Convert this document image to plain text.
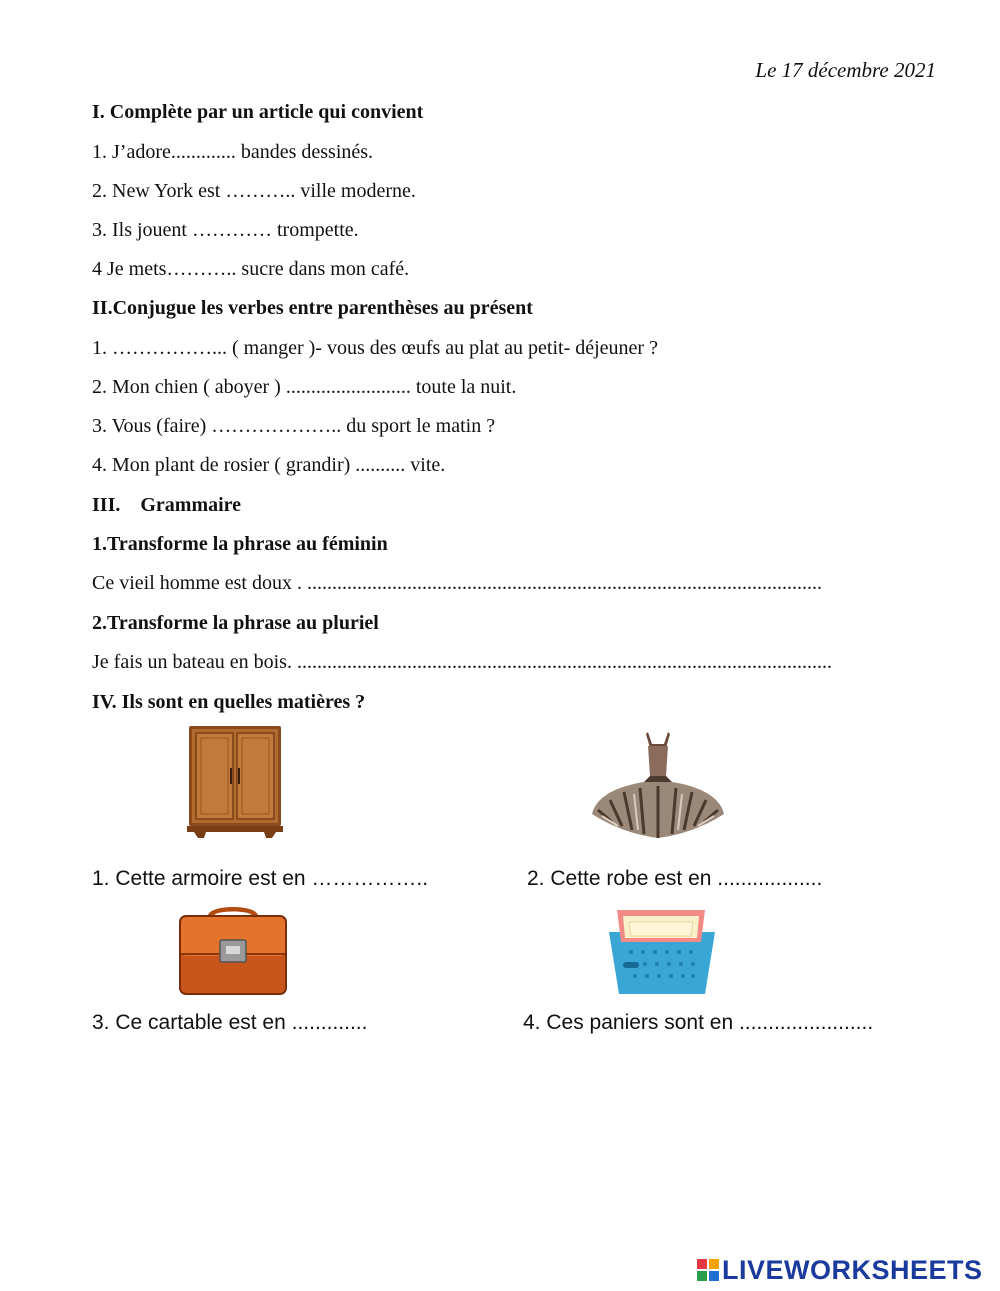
Le 17 décembre 2021
I. Complète par un article qui convient
1. J’adore............. bandes dessinés.
2. New York est ……….. ville moderne.
3. Ils jouent ………… trompette.
4 Je mets……….. sucre dans mon café.
II.Conjugue les verbes entre parenthèses au présent
1. ……………... ( manger )- vous des œufs au plat au petit- déjeuner ?
2. Mon chien ( aboyer ) ......................... toute la nuit.
3. Vous (faire) ……………….. du sport le matin ?
4. Mon plant de rosier ( grandir) .......... vite.
III.    Grammaire
1.Transforme la phrase au féminin
Ce vieil homme est doux . .......................................................................................................
2.Transforme la phrase au pluriel
Je fais un bateau en bois. ...........................................................................................................
IV. Ils sont en quelles matières ?
1. Cette armoire est en ……………..	2. Cette robe est en ..................
3. Ce cartable est en .............	4. Ces paniers sont en .......................
LIVEWORKSHEETS
